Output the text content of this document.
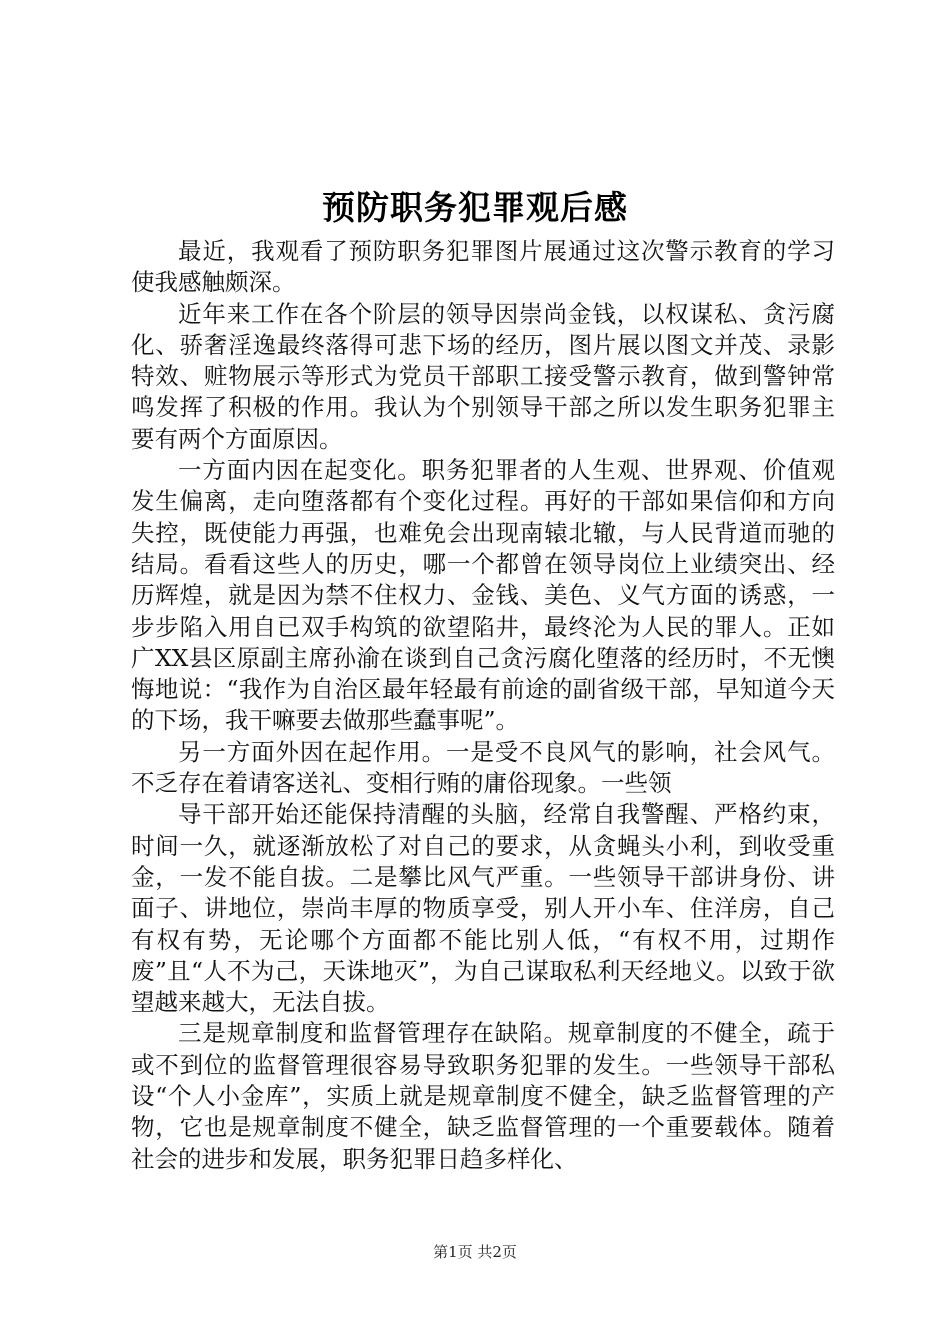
预防职务犯罪观后感

最近，我观看了预防职务犯罪图片展通过这次警示教育的学习使我感触颇深。

近年来工作在各个阶层的领导因崇尚金钱，以权谋私、贪污腐化、骄奢淫逸最终落得可悲下场的经历，图片展以图文并茂、录影特效、赃物展示等形式为党员干部职工接受警示教育，做到警钟常鸣发挥了积极的作用。我认为个别领导干部之所以发生职务犯罪主要有两个方面原因。

一方面内因在起变化。职务犯罪者的人生观、世界观、价值观发生偏离，走向堕落都有个变化过程。再好的干部如果信仰和方向失控，既使能力再强，也难免会出现南辕北辙，与人民背道而驰的结局。看看这些人的历史，哪一个都曾在领导岗位上业绩突出、经历辉煌，就是因为禁不住权力、金钱、美色、义气方面的诱惑，一步步陷入用自已双手构筑的欲望陷井，最终沦为人民的罪人。正如广XX县区原副主席孙渝在谈到自己贪污腐化堕落的经历时，不无懊悔地说：“我作为自治区最年轻最有前途的副省级干部，早知道今天的下场，我干嘛要去做那些蠢事呢”。

另一方面外因在起作用。一是受不良风气的影响，社会风气。不乏存在着请客送礼、变相行贿的庸俗现象。一些领

导干部开始还能保持清醒的头脑，经常自我警醒、严格约束，时间一久，就逐渐放松了对自己的要求，从贪蝇头小利，到收受重金，一发不能自拔。二是攀比风气严重。一些领导干部讲身份、讲面子、讲地位，崇尚丰厚的物质享受，别人开小车、住洋房，自己有权有势，无论哪个方面都不能比别人低，“有权不用，过期作废”且“人不为己，天诛地灭”，为自己谋取私利天经地义。以致于欲望越来越大，无法自拔。

三是规章制度和监督管理存在缺陷。规章制度的不健全，疏于或不到位的监督管理很容易导致职务犯罪的发生。一些领导干部私设“个人小金库”，实质上就是规章制度不健全，缺乏监督管理的产物，它也是规章制度不健全，缺乏监督管理的一个重要载体。随着社会的进步和发展，职务犯罪日趋多样化、

第1页 共2页
